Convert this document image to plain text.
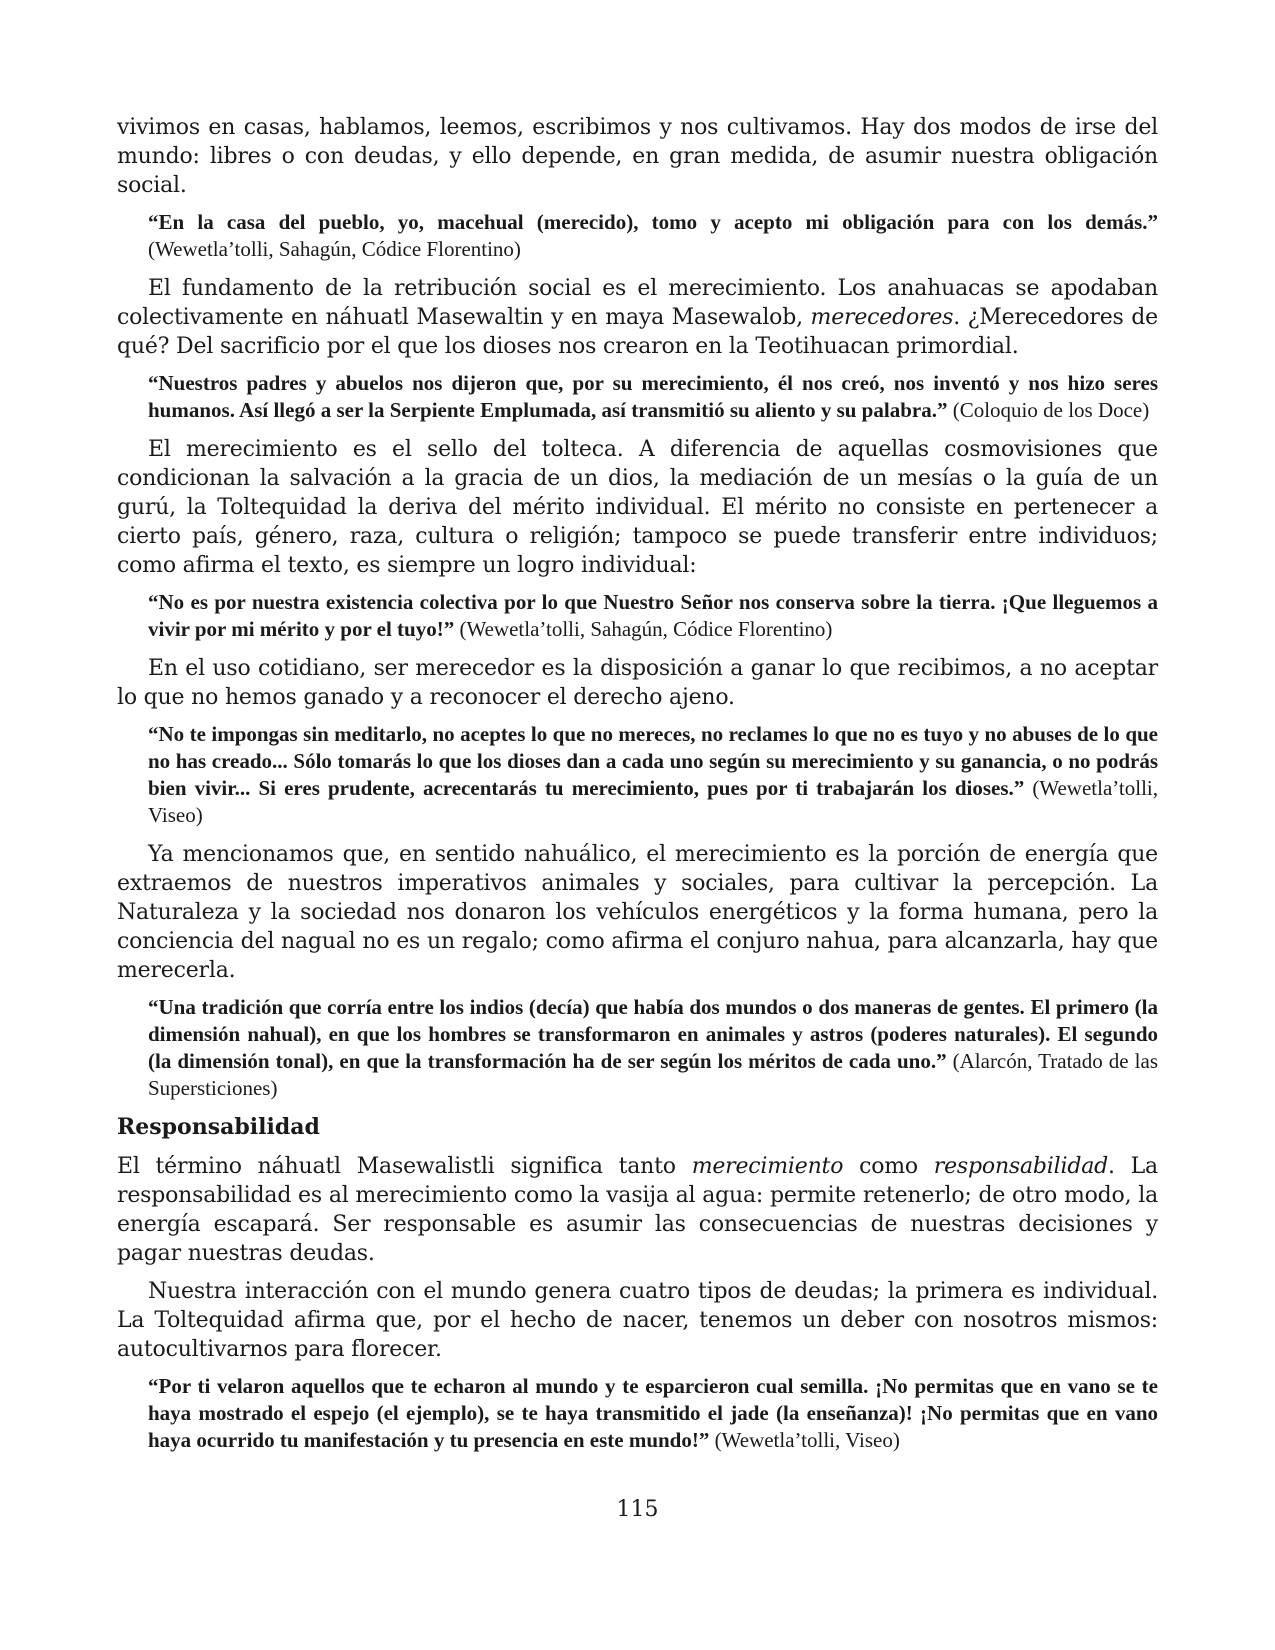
vivimos en casas, hablamos, leemos, escribimos y nos cultivamos. Hay dos modos de irse del mundo: libres o con deudas, y ello depende, en gran medida, de asumir nuestra obligación social.

“En la casa del pueblo, yo, macehual (merecido), tomo y acepto mi obligación para con los demás.” (Wewetla’tolli, Sahagún, Códice Florentino)

El fundamento de la retribución social es el merecimiento. Los anahuacas se apodaban colectivamente en náhuatl Masewaltin y en maya Masewalob, merecedores. ¿Merecedores de qué? Del sacrificio por el que los dioses nos crearon en la Teotihuacan primordial.

“Nuestros padres y abuelos nos dijeron que, por su merecimiento, él nos creó, nos inventó y nos hizo seres humanos. Así llegó a ser la Serpiente Emplumada, así transmitió su aliento y su palabra.” (Coloquio de los Doce)

El merecimiento es el sello del tolteca. A diferencia de aquellas cosmovisiones que condicionan la salvación a la gracia de un dios, la mediación de un mesías o la guía de un gurú, la Toltequidad la deriva del mérito individual. El mérito no consiste en pertenecer a cierto país, género, raza, cultura o religión; tampoco se puede transferir entre individuos; como afirma el texto, es siempre un logro individual:

“No es por nuestra existencia colectiva por lo que Nuestro Señor nos conserva sobre la tierra. ¡Que lleguemos a vivir por mi mérito y por el tuyo!” (Wewetla’tolli, Sahagún, Códice Florentino)

En el uso cotidiano, ser merecedor es la disposición a ganar lo que recibimos, a no aceptar lo que no hemos ganado y a reconocer el derecho ajeno.

“No te impongas sin meditarlo, no aceptes lo que no mereces, no reclames lo que no es tuyo y no abuses de lo que no has creado... Sólo tomarás lo que los dioses dan a cada uno según su merecimiento y su ganancia, o no podrás bien vivir... Si eres prudente, acrecentarás tu merecimiento, pues por ti trabajarán los dioses.” (Wewetla’tolli, Viseo)

Ya mencionamos que, en sentido nahuálico, el merecimiento es la porción de energía que extraemos de nuestros imperativos animales y sociales, para cultivar la percepción. La Naturaleza y la sociedad nos donaron los vehículos energéticos y la forma humana, pero la conciencia del nagual no es un regalo; como afirma el conjuro nahua, para alcanzarla, hay que merecerla.

“Una tradición que corría entre los indios (decía) que había dos mundos o dos maneras de gentes. El primero (la dimensión nahual), en que los hombres se transformaron en animales y astros (poderes naturales). El segundo (la dimensión tonal), en que la transformación ha de ser según los méritos de cada uno.” (Alarcón, Tratado de las Supersticiones)

Responsabilidad

El término náhuatl Masewalistli significa tanto merecimiento como responsabilidad. La responsabilidad es al merecimiento como la vasija al agua: permite retenerlo; de otro modo, la energía escapará. Ser responsable es asumir las consecuencias de nuestras decisiones y pagar nuestras deudas.

Nuestra interacción con el mundo genera cuatro tipos de deudas; la primera es individual. La Toltequidad afirma que, por el hecho de nacer, tenemos un deber con nosotros mismos: autocultivarnos para florecer.

“Por ti velaron aquellos que te echaron al mundo y te esparcieron cual semilla. ¡No permitas que en vano se te haya mostrado el espejo (el ejemplo), se te haya transmitido el jade (la enseñanza)! ¡No permitas que en vano haya ocurrido tu manifestación y tu presencia en este mundo!” (Wewetla’tolli, Viseo)

115
